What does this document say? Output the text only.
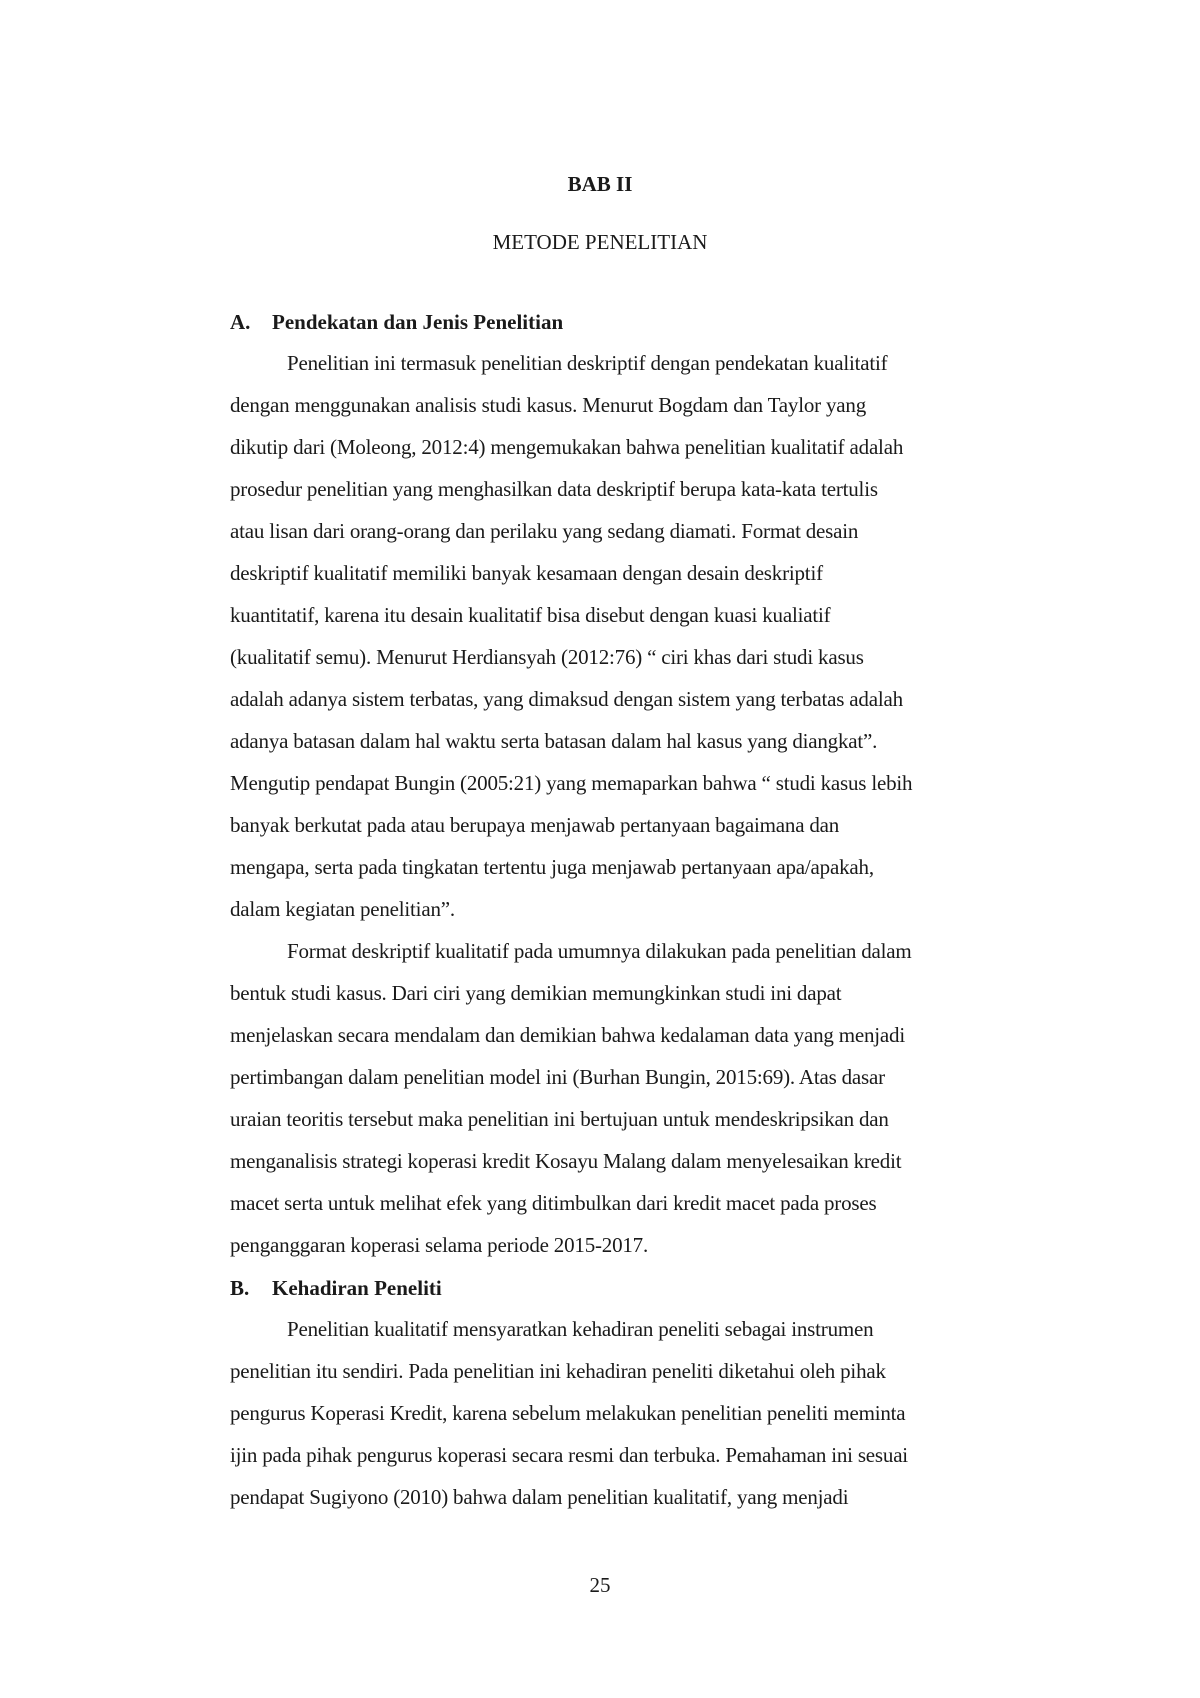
BAB II
METODE PENELITIAN
A. Pendekatan dan Jenis Penelitian
Penelitian ini termasuk penelitian deskriptif dengan pendekatan kualitatif
dengan menggunakan analisis studi kasus. Menurut Bogdam dan Taylor yang
dikutip dari (Moleong, 2012:4) mengemukakan bahwa penelitian kualitatif adalah
prosedur penelitian yang menghasilkan data deskriptif berupa kata-kata tertulis
atau lisan dari orang-orang dan perilaku yang sedang diamati. Format desain
deskriptif kualitatif memiliki banyak kesamaan dengan desain deskriptif
kuantitatif, karena itu desain kualitatif bisa disebut dengan kuasi kualiatif
(kualitatif semu). Menurut Herdiansyah (2012:76) “ ciri khas dari studi kasus
adalah adanya sistem terbatas, yang dimaksud dengan sistem yang terbatas adalah
adanya batasan dalam hal waktu serta batasan dalam hal kasus yang diangkat”.
Mengutip pendapat Bungin (2005:21) yang memaparkan bahwa “ studi kasus lebih
banyak berkutat pada atau berupaya menjawab pertanyaan bagaimana dan
mengapa, serta pada tingkatan tertentu juga menjawab pertanyaan apa/apakah,
dalam kegiatan penelitian”.
Format deskriptif kualitatif pada umumnya dilakukan pada penelitian dalam
bentuk studi kasus. Dari ciri yang demikian memungkinkan studi ini dapat
menjelaskan secara mendalam dan demikian bahwa kedalaman data yang menjadi
pertimbangan dalam penelitian model ini (Burhan Bungin, 2015:69). Atas dasar
uraian teoritis tersebut maka penelitian ini bertujuan untuk mendeskripsikan dan
menganalisis strategi koperasi kredit Kosayu Malang dalam menyelesaikan kredit
macet serta untuk melihat efek yang ditimbulkan dari kredit macet pada proses
penganggaran koperasi selama periode 2015-2017.
B. Kehadiran Peneliti
Penelitian kualitatif mensyaratkan kehadiran peneliti sebagai instrumen
penelitian itu sendiri. Pada penelitian ini kehadiran peneliti diketahui oleh pihak
pengurus Koperasi Kredit, karena sebelum melakukan penelitian peneliti meminta
ijin pada pihak pengurus koperasi secara resmi dan terbuka. Pemahaman ini sesuai
pendapat Sugiyono (2010) bahwa dalam penelitian kualitatif, yang menjadi
25
